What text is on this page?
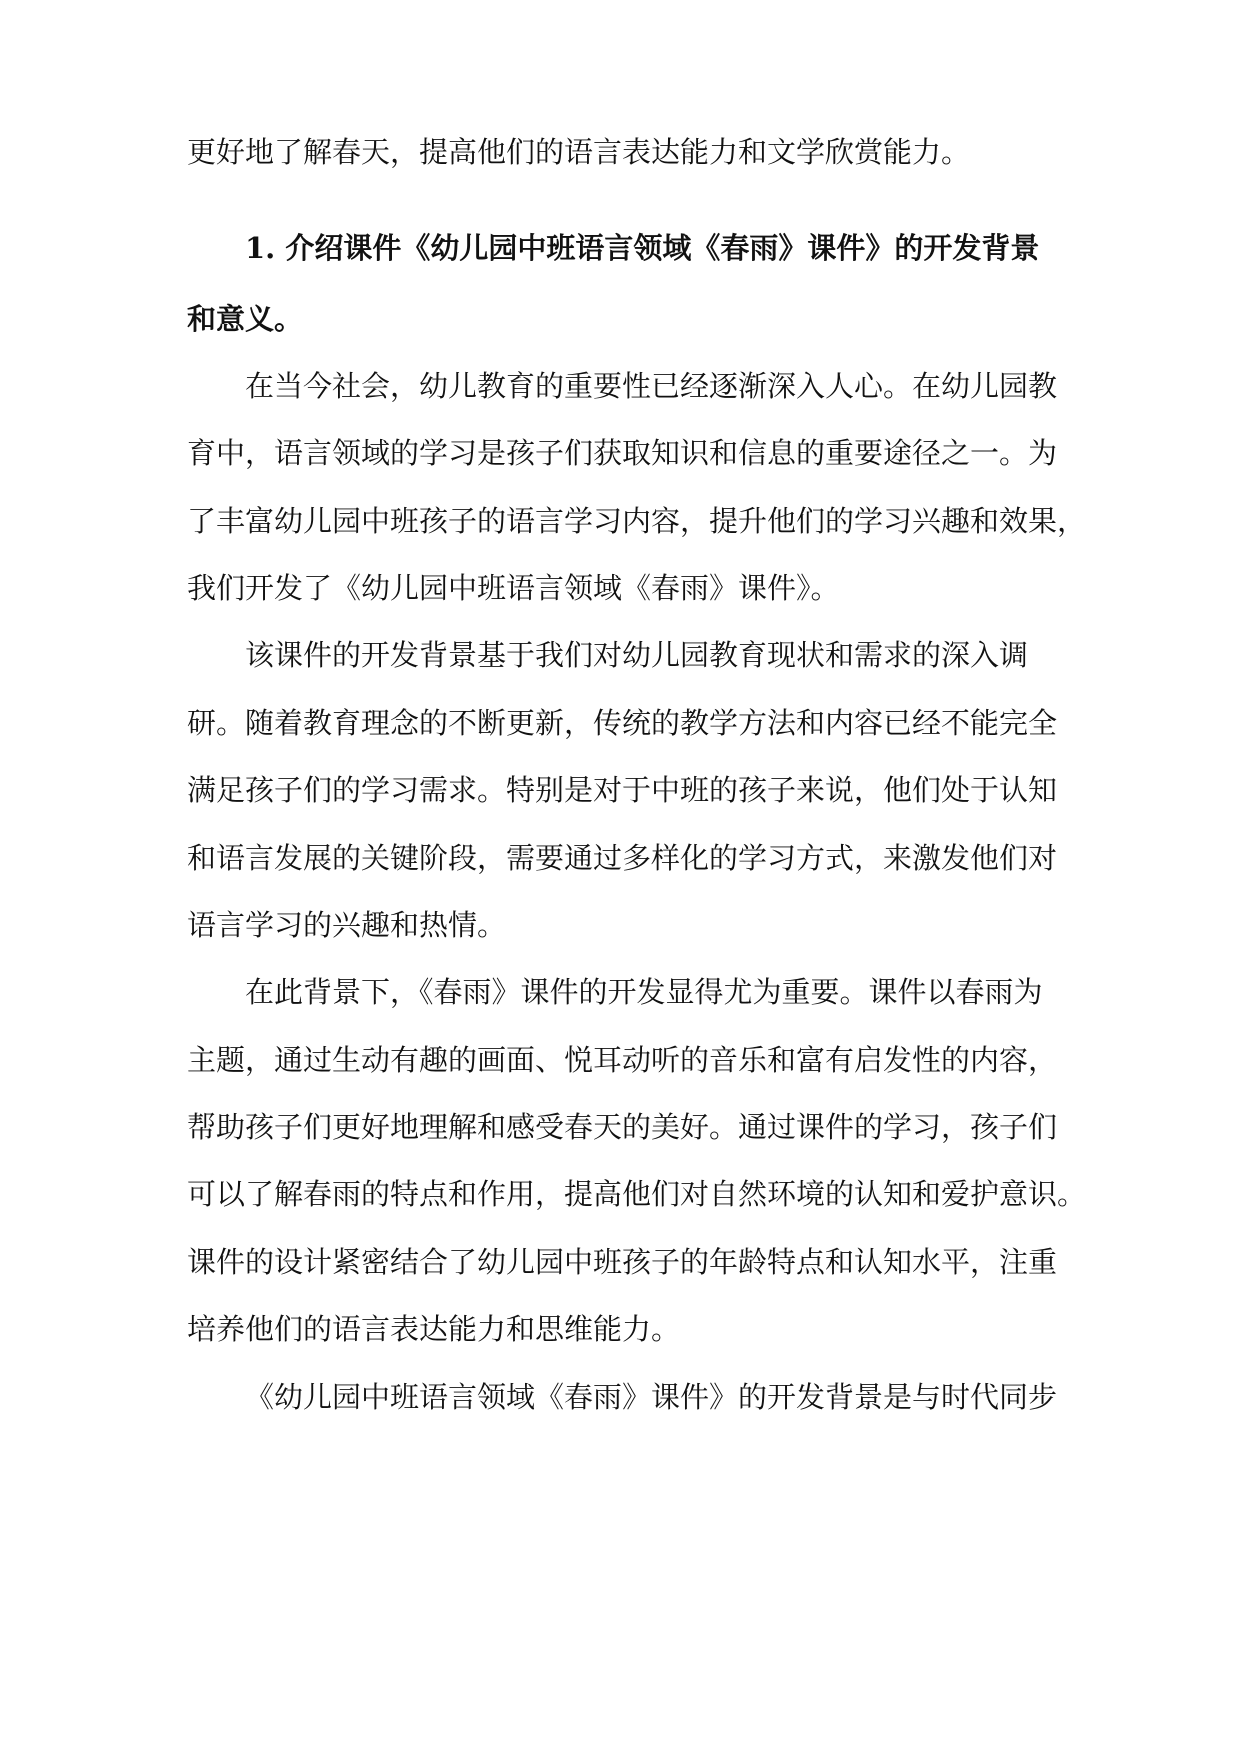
更好地了解春天，提高他们的语言表达能力和文学欣赏能力。
1. 介绍课件《幼儿园中班语言领域《春雨》课件》的开发背景
和意义。
在当今社会，幼儿教育的重要性已经逐渐深入人心。在幼儿园教
育中，语言领域的学习是孩子们获取知识和信息的重要途径之一。为
了丰富幼儿园中班孩子的语言学习内容，提升他们的学习兴趣和效果，
我们开发了《幼儿园中班语言领域《春雨》课件》。
该课件的开发背景基于我们对幼儿园教育现状和需求的深入调
研。随着教育理念的不断更新，传统的教学方法和内容已经不能完全
满足孩子们的学习需求。特别是对于中班的孩子来说，他们处于认知
和语言发展的关键阶段，需要通过多样化的学习方式，来激发他们对
语言学习的兴趣和热情。
在此背景下，《春雨》课件的开发显得尤为重要。课件以春雨为
主题，通过生动有趣的画面、悦耳动听的音乐和富有启发性的内容，
帮助孩子们更好地理解和感受春天的美好。通过课件的学习，孩子们
可以了解春雨的特点和作用，提高他们对自然环境的认知和爱护意识。
课件的设计紧密结合了幼儿园中班孩子的年龄特点和认知水平，注重
培养他们的语言表达能力和思维能力。
《幼儿园中班语言领域《春雨》课件》的开发背景是与时代同步
